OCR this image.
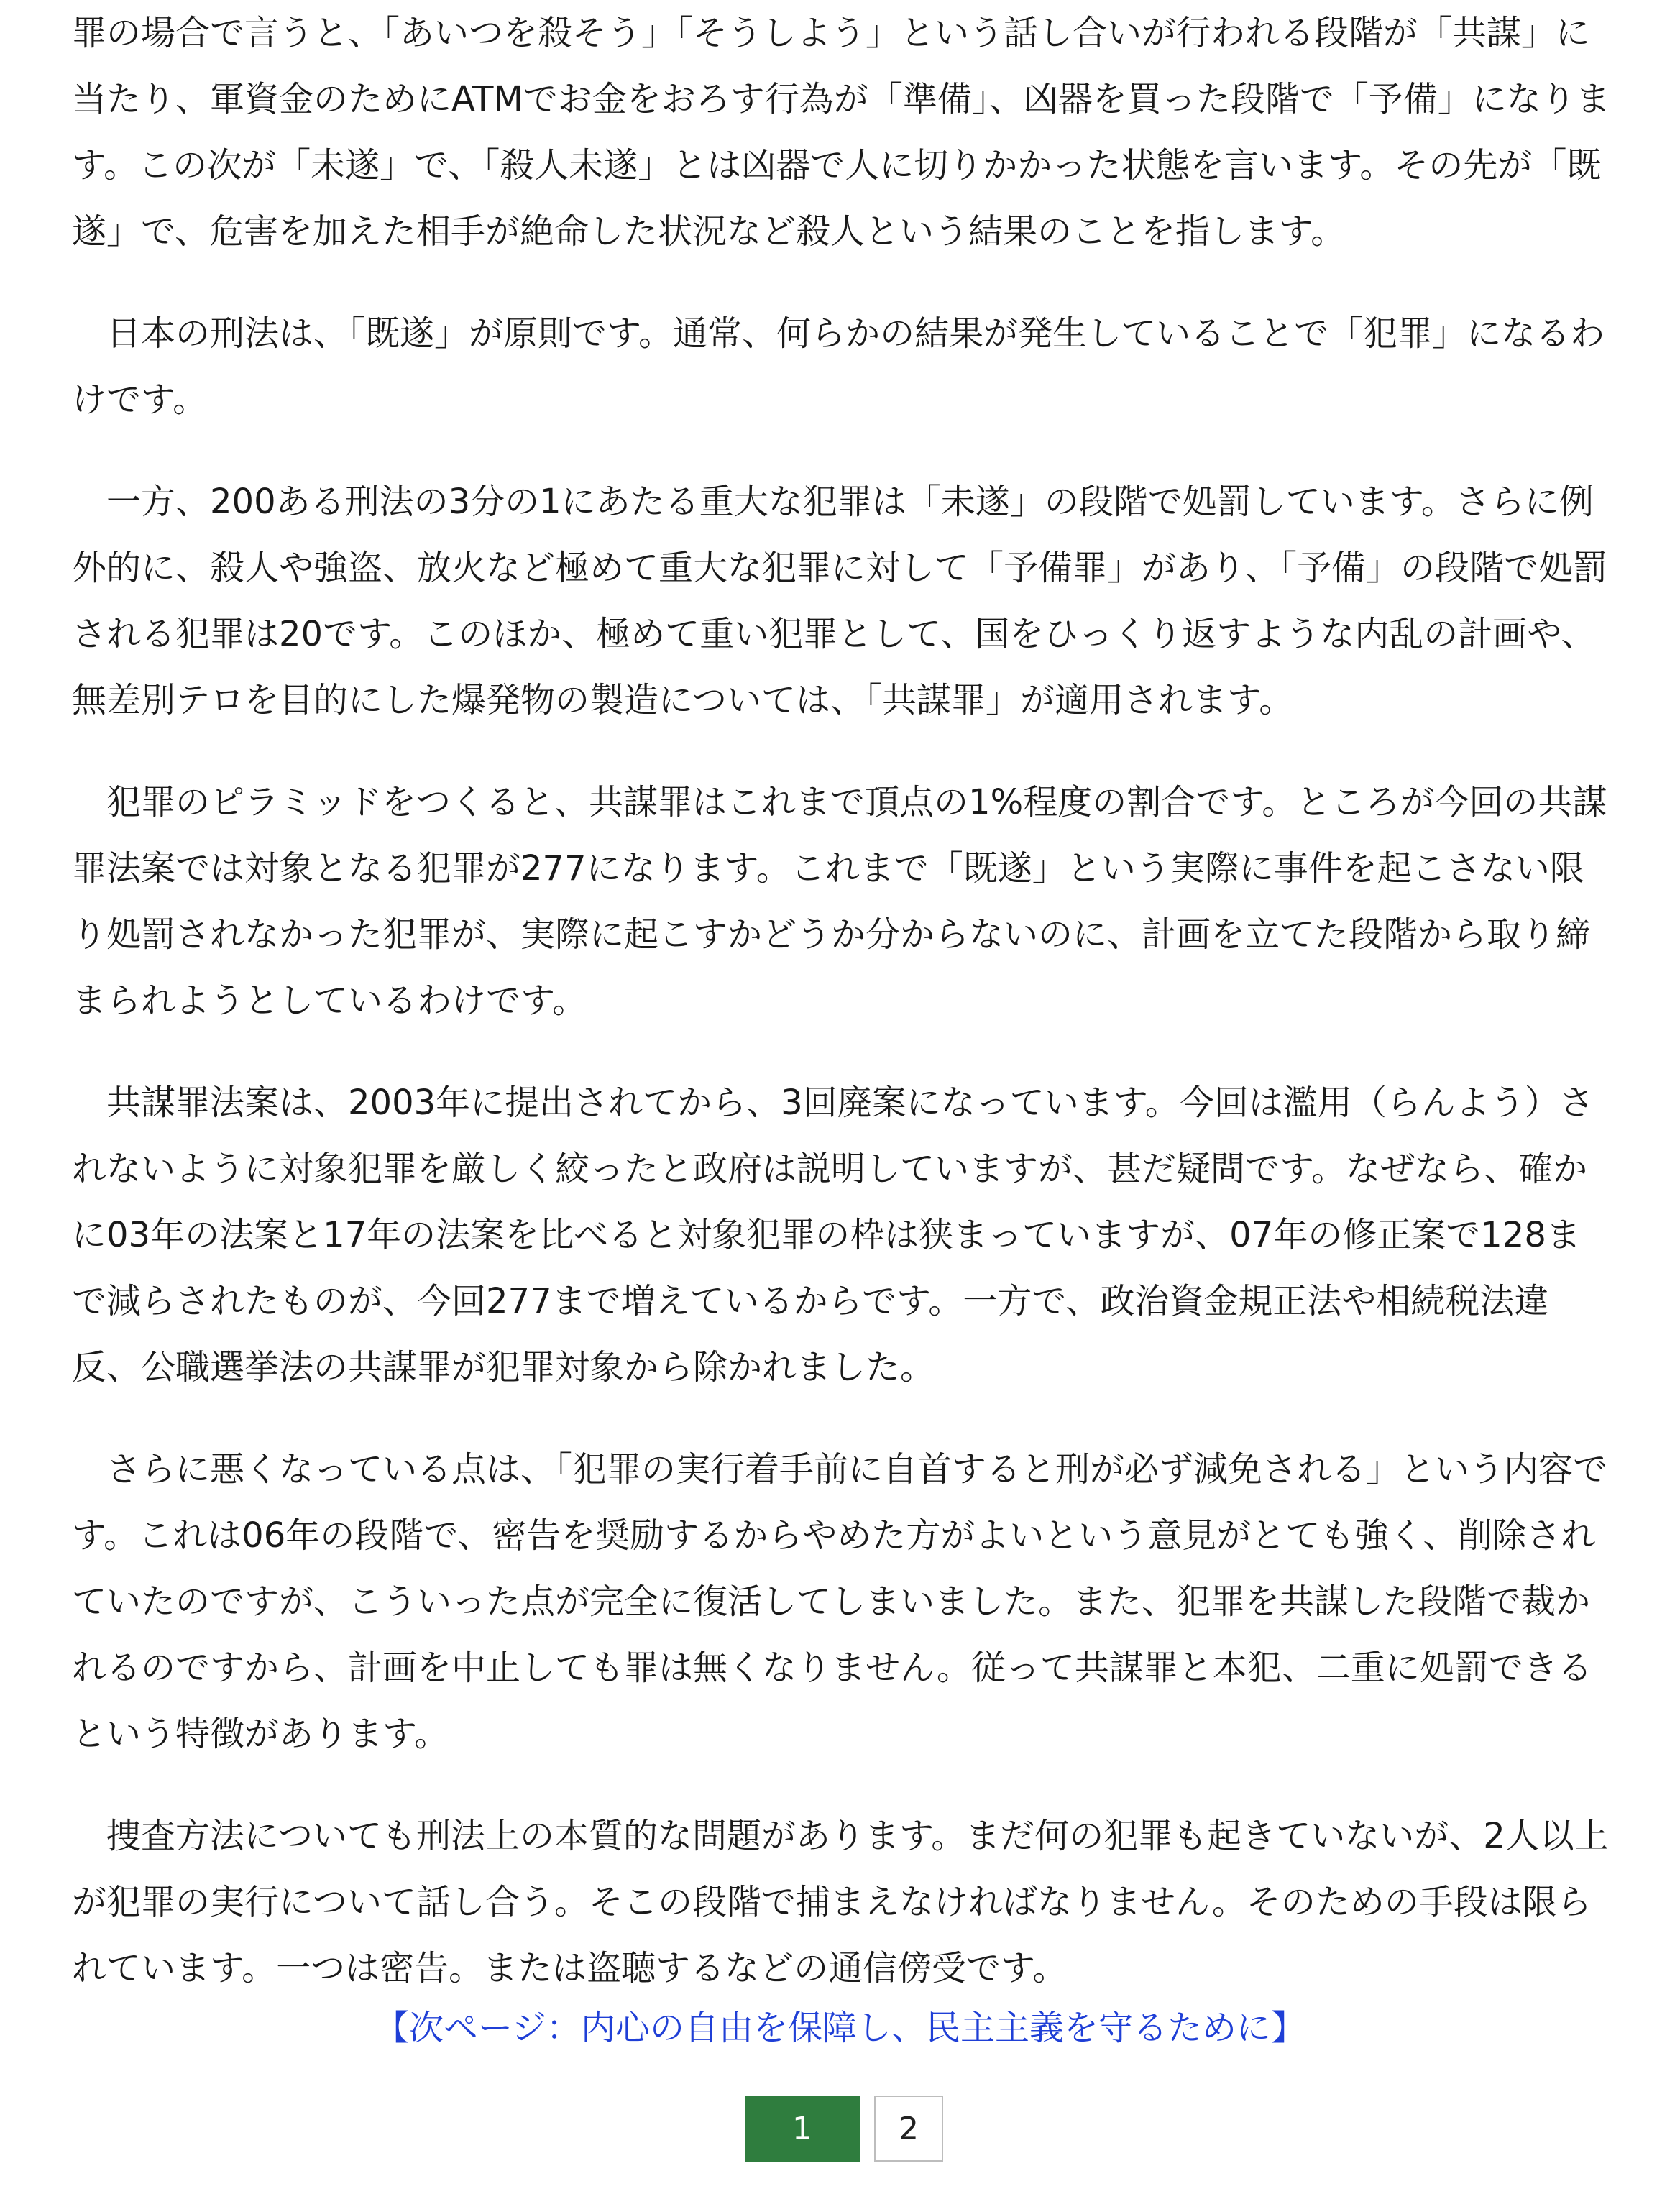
罪の場合で言うと、「あいつを殺そう」「そうしよう」という話し合いが行われる段階が「共謀」に当たり、軍資金のためにATMでお金をおろす行為が「準備」、凶器を買った段階で「予備」になります。この次が「未遂」で、「殺人未遂」とは凶器で人に切りかかった状態を言います。その先が「既遂」で、危害を加えた相手が絶命した状況など殺人という結果のことを指します。

日本の刑法は、「既遂」が原則です。通常、何らかの結果が発生していることで「犯罪」になるわけです。

一方、200ある刑法の3分の1にあたる重大な犯罪は「未遂」の段階で処罰しています。さらに例外的に、殺人や強盗、放火など極めて重大な犯罪に対して「予備罪」があり、「予備」の段階で処罰される犯罪は20です。このほか、極めて重い犯罪として、国をひっくり返すような内乱の計画や、無差別テロを目的にした爆発物の製造については、「共謀罪」が適用されます。

犯罪のピラミッドをつくると、共謀罪はこれまで頂点の1%程度の割合です。ところが今回の共謀罪法案では対象となる犯罪が277になります。これまで「既遂」という実際に事件を起こさない限り処罰されなかった犯罪が、実際に起こすかどうか分からないのに、計画を立てた段階から取り締まられようとしているわけです。

共謀罪法案は、2003年に提出されてから、3回廃案になっています。今回は濫用（らんよう）されないように対象犯罪を厳しく絞ったと政府は説明していますが、甚だ疑問です。なぜなら、確かに03年の法案と17年の法案を比べると対象犯罪の枠は狭まっていますが、07年の修正案で128まで減らされたものが、今回277まで増えているからです。一方で、政治資金規正法や相続税法違反、公職選挙法の共謀罪が犯罪対象から除かれました。

さらに悪くなっている点は、「犯罪の実行着手前に自首すると刑が必ず減免される」という内容です。これは06年の段階で、密告を奨励するからやめた方がよいという意見がとても強く、削除されていたのですが、こういった点が完全に復活してしまいました。また、犯罪を共謀した段階で裁かれるのですから、計画を中止しても罪は無くなりません。従って共謀罪と本犯、二重に処罰できるという特徴があります。

捜査方法についても刑法上の本質的な問題があります。まだ何の犯罪も起きていないが、2人以上が犯罪の実行について話し合う。そこの段階で捕まえなければなりません。そのための手段は限られています。一つは密告。または盗聴するなどの通信傍受です。

【次ページ：内心の自由を保障し、民主主義を守るために】
1	2
